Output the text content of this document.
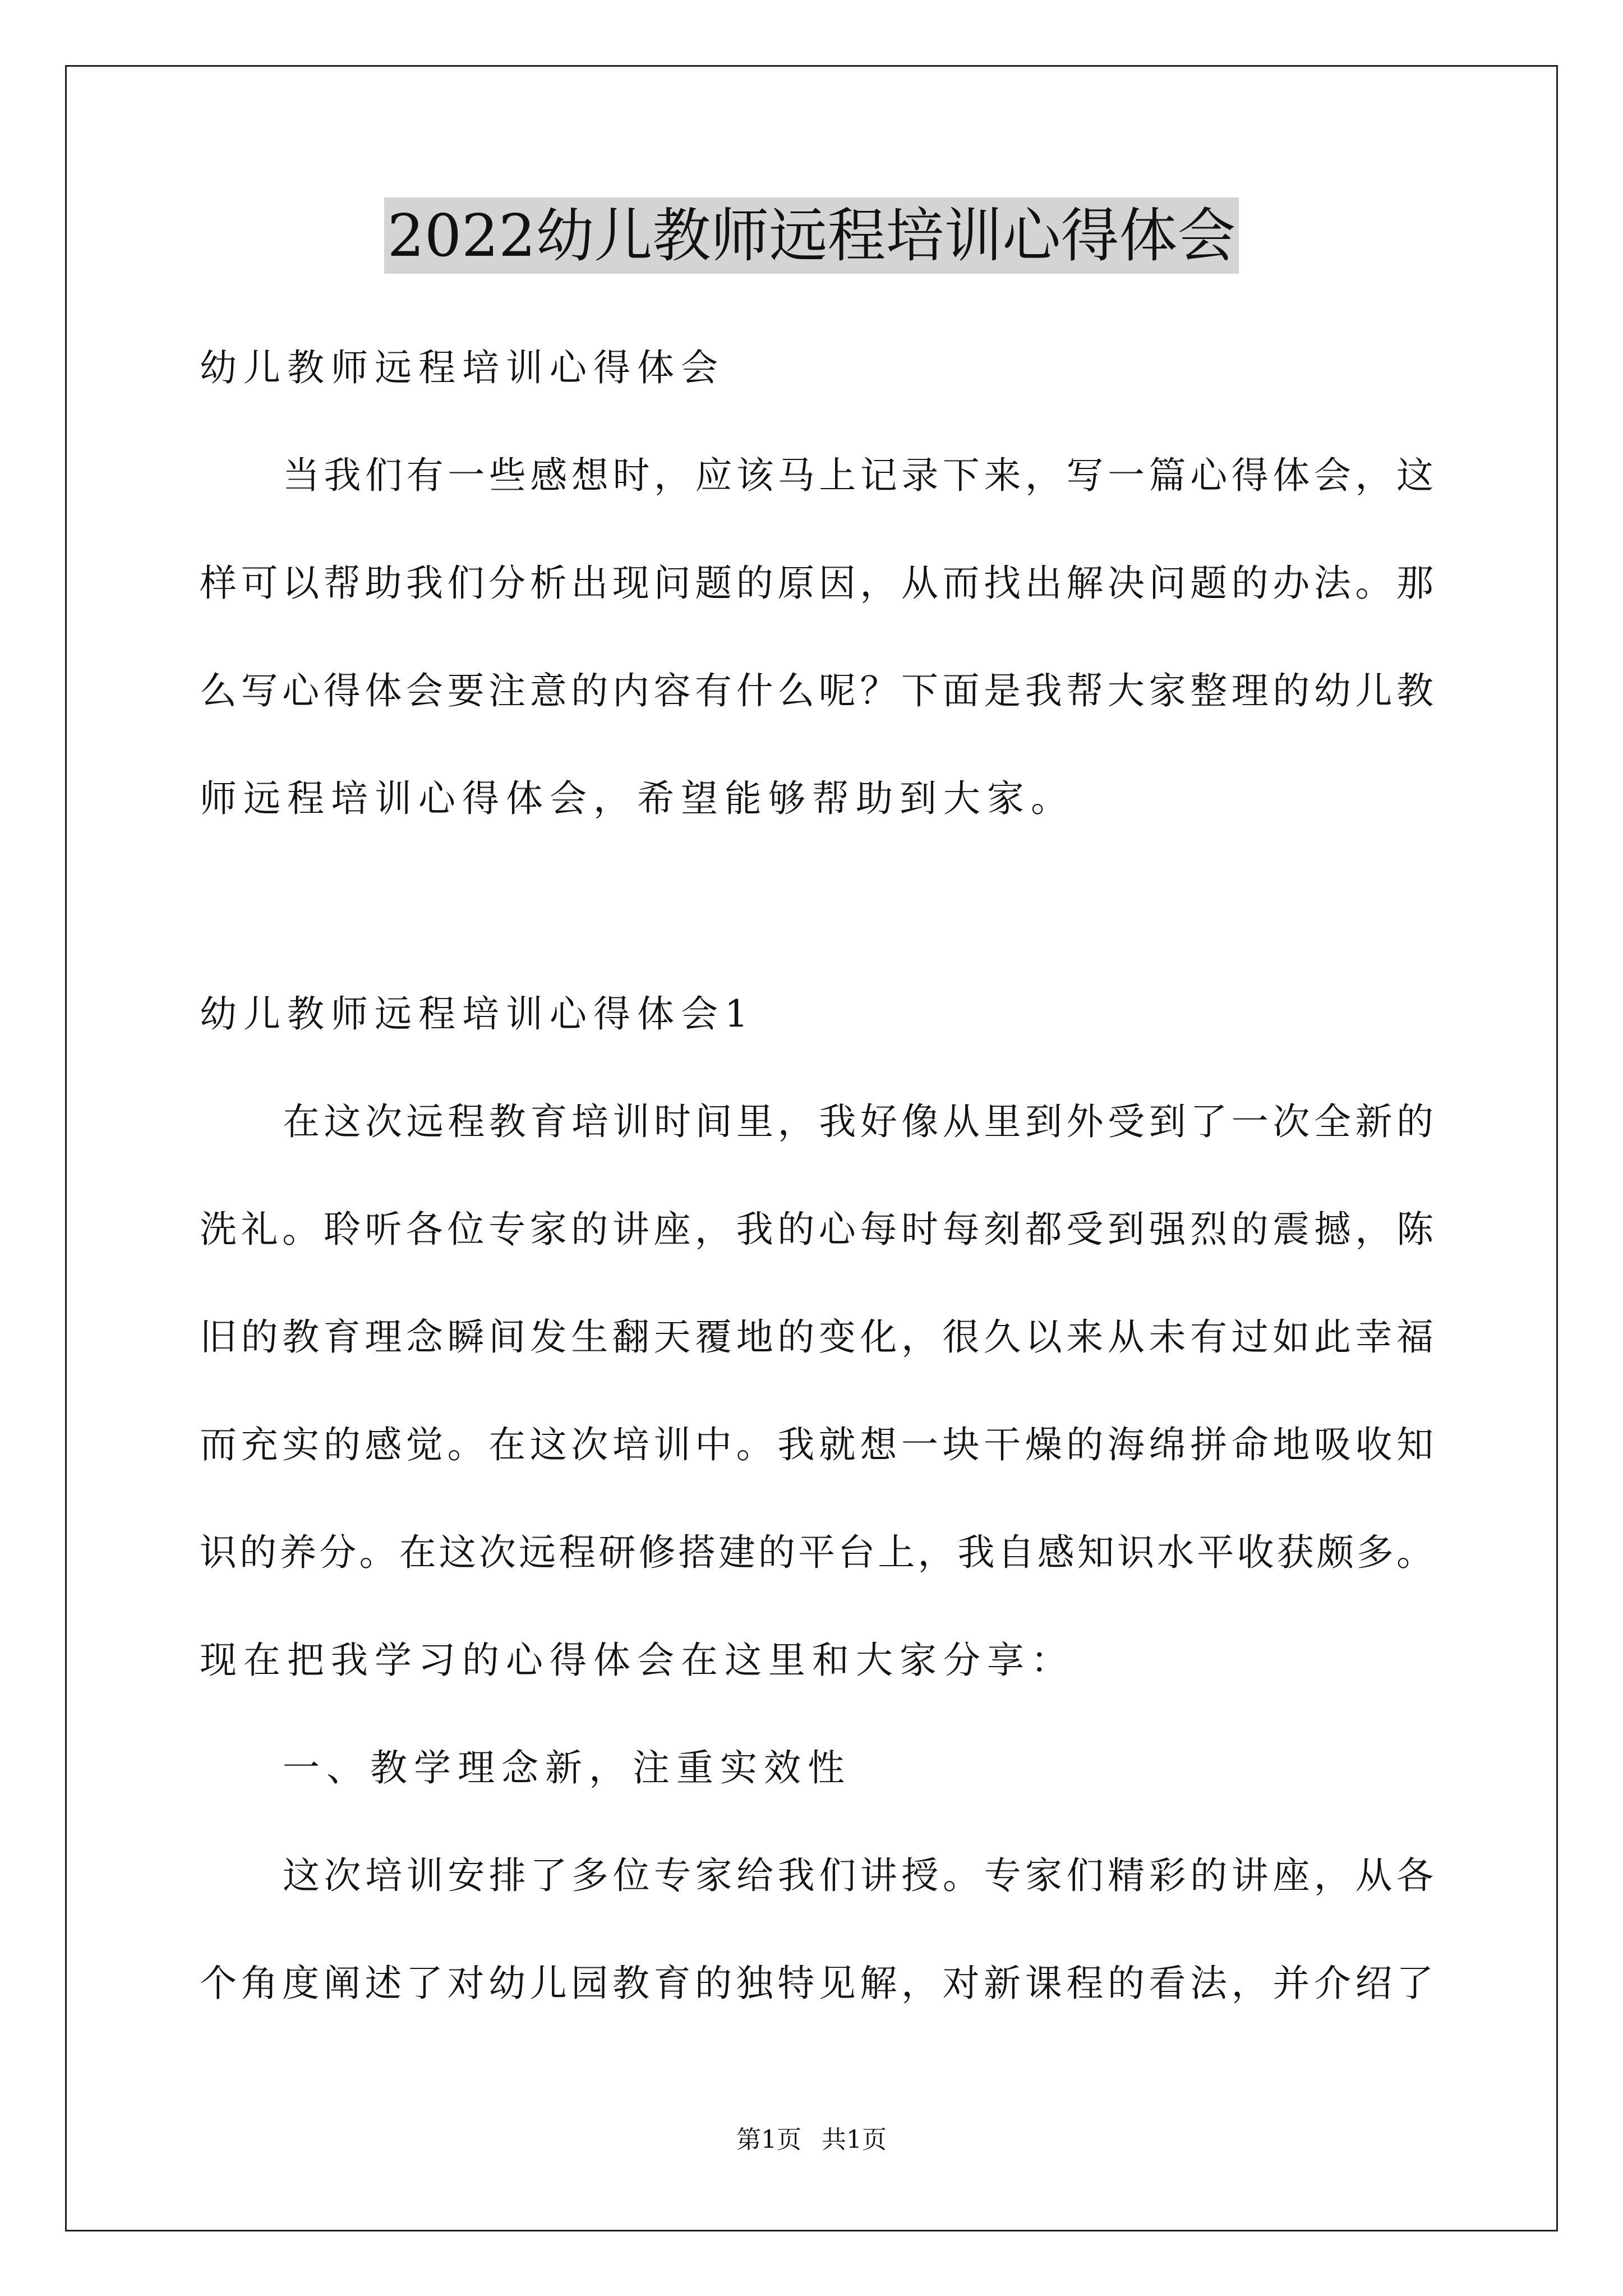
2022幼儿教师远程培训心得体会
幼儿教师远程培训心得体会
当我们有一些感想时，应该马上记录下来，写一篇心得体会，这
样可以帮助我们分析出现问题的原因，从而找出解决问题的办法。那
么写心得体会要注意的内容有什么呢？下面是我帮大家整理的幼儿教
师远程培训心得体会，希望能够帮助到大家。
幼儿教师远程培训心得体会1
在这次远程教育培训时间里，我好像从里到外受到了一次全新的
洗礼。聆听各位专家的讲座，我的心每时每刻都受到强烈的震撼，陈
旧的教育理念瞬间发生翻天覆地的变化，很久以来从未有过如此幸福
而充实的感觉。在这次培训中。我就想一块干燥的海绵拼命地吸收知
识的养分。在这次远程研修搭建的平台上，我自感知识水平收获颇多。
现在把我学习的心得体会在这里和大家分享：
一、教学理念新，注重实效性
这次培训安排了多位专家给我们讲授。专家们精彩的讲座，从各
个角度阐述了对幼儿园教育的独特见解，对新课程的看法，并介绍了
第1页 共1页
